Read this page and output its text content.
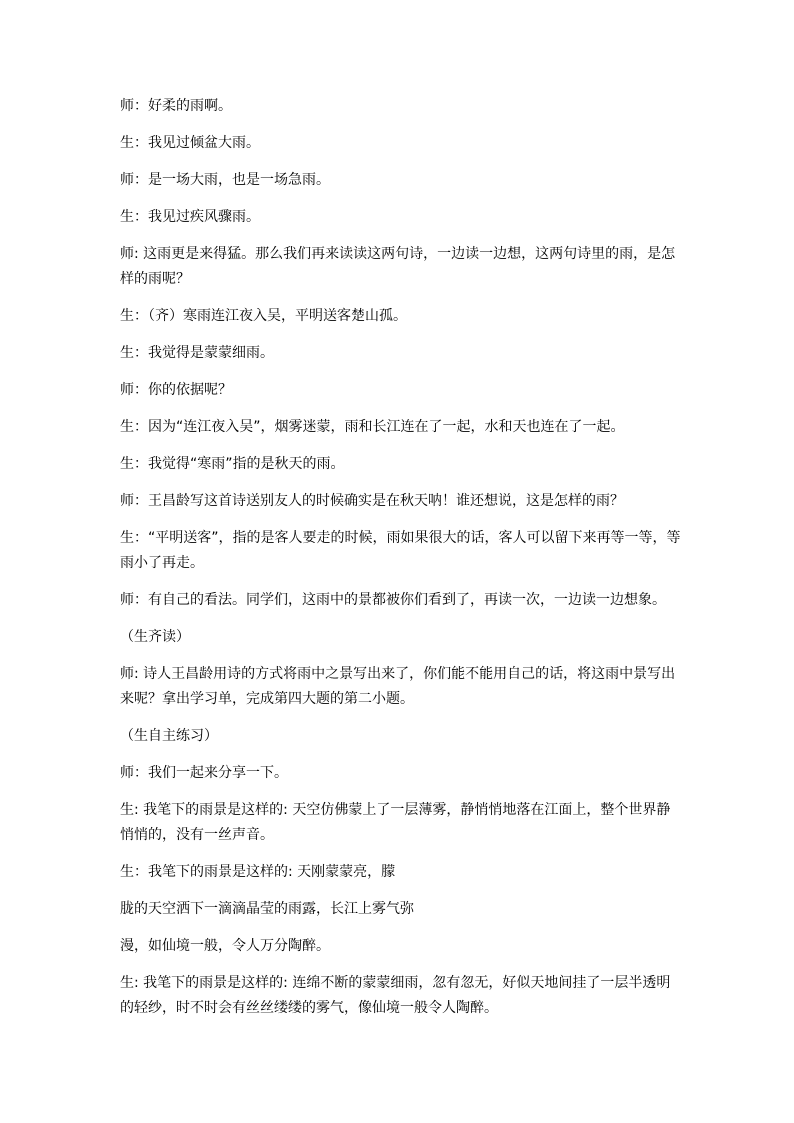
师：好柔的雨啊。

生：我见过倾盆大雨。

师：是一场大雨，也是一场急雨。

生：我见过疾风骤雨。

师: 这雨更是来得猛。那么我们再来读读这两句诗，一边读一边想，这两句诗里的雨，是怎样的雨呢？

生：（齐）寒雨连江夜入吴，平明送客楚山孤。

生：我觉得是蒙蒙细雨。

师：你的依据呢？

生：因为“连江夜入吴”，烟雾迷蒙，雨和长江连在了一起，水和天也连在了一起。

生：我觉得“寒雨”指的是秋天的雨。

师：王昌龄写这首诗送别友人的时候确实是在秋天呐！谁还想说，这是怎样的雨？

生：“平明送客”，指的是客人要走的时候，雨如果很大的话，客人可以留下来再等一等，等雨小了再走。

师：有自己的看法。同学们，这雨中的景都被你们看到了，再读一次，一边读一边想象。

（生齐读）

师: 诗人王昌龄用诗的方式将雨中之景写出来了，你们能不能用自己的话，将这雨中景写出来呢？拿出学习单，完成第四大题的第二小题。

（生自主练习）

师：我们一起来分享一下。

生: 我笔下的雨景是这样的: 天空仿佛蒙上了一层薄雾，静悄悄地落在江面上，整个世界静悄悄的，没有一丝声音。

生：我笔下的雨景是这样的: 天刚蒙蒙亮，朦

胧的天空洒下一滴滴晶莹的雨露，长江上雾气弥

漫，如仙境一般，令人万分陶醉。

生: 我笔下的雨景是这样的: 连绵不断的蒙蒙细雨，忽有忽无，好似天地间挂了一层半透明的轻纱，时不时会有丝丝缕缕的雾气，像仙境一般令人陶醉。
